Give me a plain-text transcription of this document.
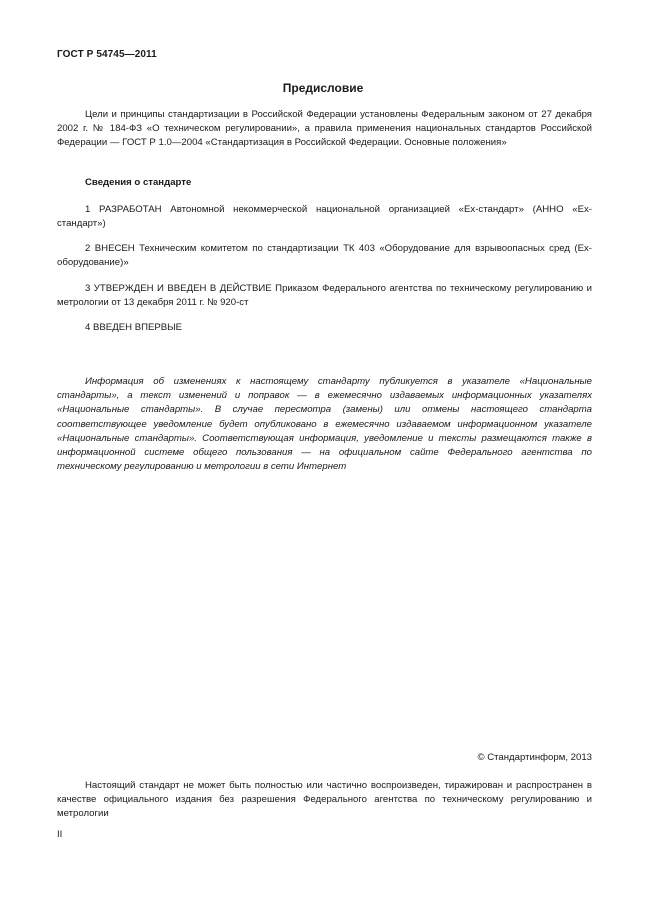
ГОСТ Р 54745—2011
Предисловие

Цели и принципы стандартизации в Российской Федерации установлены Федеральным законом от 27 декабря 2002 г. № 184-ФЗ «О техническом регулировании», а правила применения национальных стандартов Российской Федерации — ГОСТ Р 1.0—2004 «Стандартизация в Российской Федерации. Основные положения»

Сведения о стандарте

1 РАЗРАБОТАН Автономной некоммерческой национальной организацией «Ех-стандарт» (АННО «Ех-стандарт»)

2 ВНЕСЕН Техническим комитетом по стандартизации ТК 403 «Оборудование для взрывоопасных сред (Ех-оборудование)»

3 УТВЕРЖДЕН И ВВЕДЕН В ДЕЙСТВИЕ Приказом Федерального агентства по техническому регулированию и метрологии от 13 декабря 2011 г. № 920-ст

4 ВВЕДЕН ВПЕРВЫЕ

Информация об изменениях к настоящему стандарту публикуется в указателе «Национальные стандарты», а текст изменений и поправок — в ежемесячно издаваемых информационных указателях «Национальные стандарты». В случае пересмотра (замены) или отмены настоящего стандарта соответствующее уведомление будет опубликовано в ежемесячно издаваемом информационном указателе «Национальные стандарты». Соответствующая информация, уведомление и тексты размещаются также в информационной системе общего пользования — на официальном сайте Федерального агентства по техническому регулированию и метрологии в сети Интернет

© Стандартинформ, 2013

Настоящий стандарт не может быть полностью или частично воспроизведен, тиражирован и распространен в качестве официального издания без разрешения Федерального агентства по техническому регулированию и метрологии

II
